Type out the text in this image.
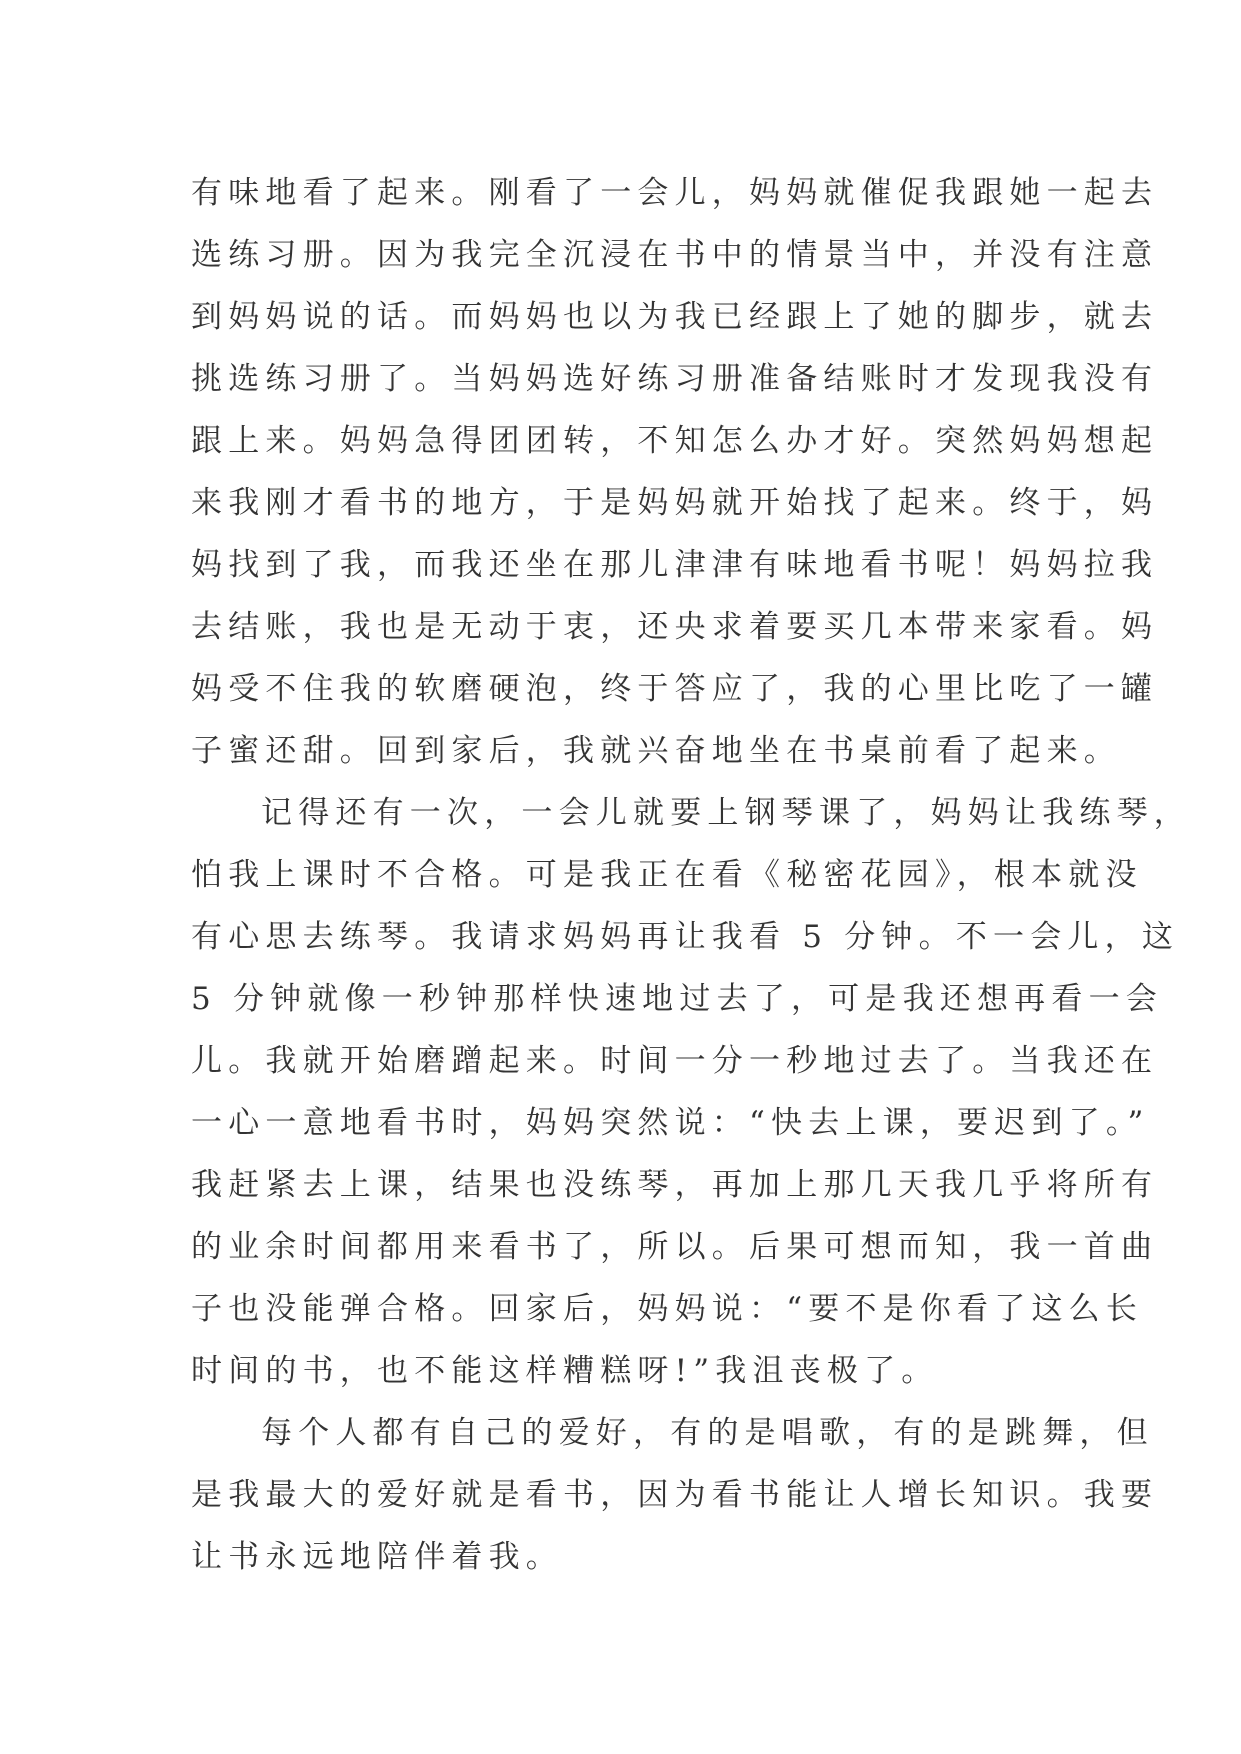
有味地看了起来。刚看了一会儿，妈妈就催促我跟她一起去
选练习册。因为我完全沉浸在书中的情景当中，并没有注意
到妈妈说的话。而妈妈也以为我已经跟上了她的脚步，就去
挑选练习册了。当妈妈选好练习册准备结账时才发现我没有
跟上来。妈妈急得团团转，不知怎么办才好。突然妈妈想起
来我刚才看书的地方，于是妈妈就开始找了起来。终于，妈
妈找到了我，而我还坐在那儿津津有味地看书呢！妈妈拉我
去结账，我也是无动于衷，还央求着要买几本带来家看。妈
妈受不住我的软磨硬泡，终于答应了，我的心里比吃了一罐
子蜜还甜。回到家后，我就兴奋地坐在书桌前看了起来。
记得还有一次，一会儿就要上钢琴课了，妈妈让我练琴，
怕我上课时不合格。可是我正在看《秘密花园》，根本就没
有心思去练琴。我请求妈妈再让我看 5 分钟。不一会儿，这
5 分钟就像一秒钟那样快速地过去了，可是我还想再看一会
儿。我就开始磨蹭起来。时间一分一秒地过去了。当我还在
一心一意地看书时，妈妈突然说：“快去上课，要迟到了。”
我赶紧去上课，结果也没练琴，再加上那几天我几乎将所有
的业余时间都用来看书了，所以。后果可想而知，我一首曲
子也没能弹合格。回家后，妈妈说：“要不是你看了这么长
时间的书，也不能这样糟糕呀!”我沮丧极了。
每个人都有自己的爱好，有的是唱歌，有的是跳舞，但
是我最大的爱好就是看书，因为看书能让人增长知识。我要
让书永远地陪伴着我。
